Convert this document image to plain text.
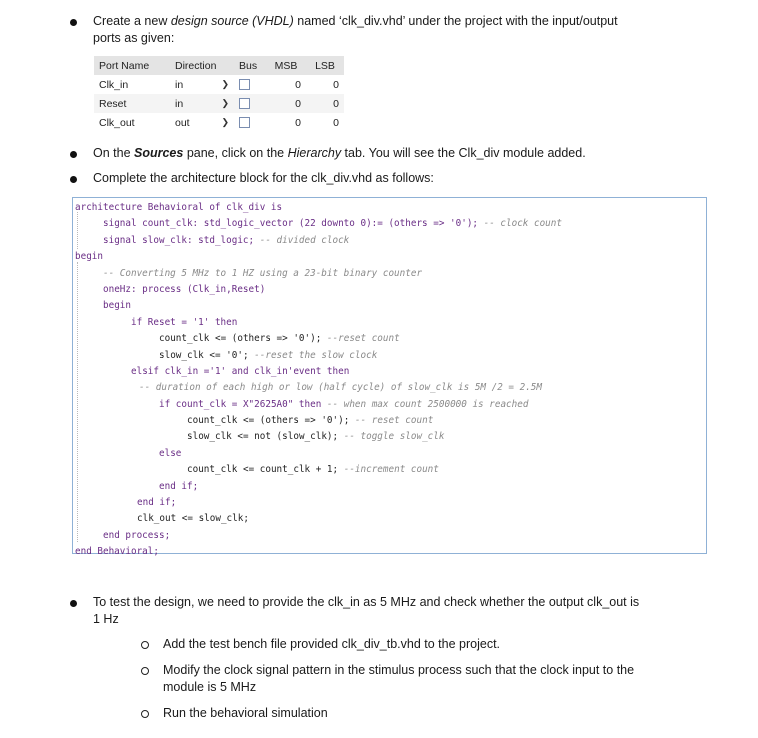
Create a new design source (VHDL) named ‘clk_div.vhd’ under the project with the input/output
ports as given:
Port Name	Direction	Bus	MSB	LSB
Clk_in	in ❯		0	0
Reset	in ❯		0	0
Clk_out	out ❯		0	0
On the Sources pane, click on the Hierarchy tab. You will see the Clk_div module added.
Complete the architecture block for the clk_div.vhd as follows:
architecture Behavioral of clk_div is
signal count_clk: std_logic_vector (22 downto 0):= (others => '0'); -- clock count
signal slow_clk: std_logic; -- divided clock
begin
-- Converting 5 MHz to 1 HZ using a 23-bit binary counter
oneHz: process (Clk_in,Reset)
begin
if Reset = '1' then
count_clk <= (others => '0'); --reset count
slow_clk <= '0'; --reset the slow clock
elsif clk_in ='1' and clk_in'event then
-- duration of each high or low (half cycle) of slow_clk is 5M /2 = 2.5M
if count_clk = X"2625A0" then -- when max count 2500000 is reached
count_clk <= (others => '0'); -- reset count
slow_clk <= not (slow_clk); -- toggle slow_clk
else
count_clk <= count_clk + 1; --increment count
end if;
end if;
clk_out <= slow_clk;
end process;
end Behavioral;
To test the design, we need to provide the clk_in as 5 MHz and check whether the output clk_out is
1 Hz
Add the test bench file provided clk_div_tb.vhd to the project.
Modify the clock signal pattern in the stimulus process such that the clock input to the
module is 5 MHz
Run the behavioral simulation
